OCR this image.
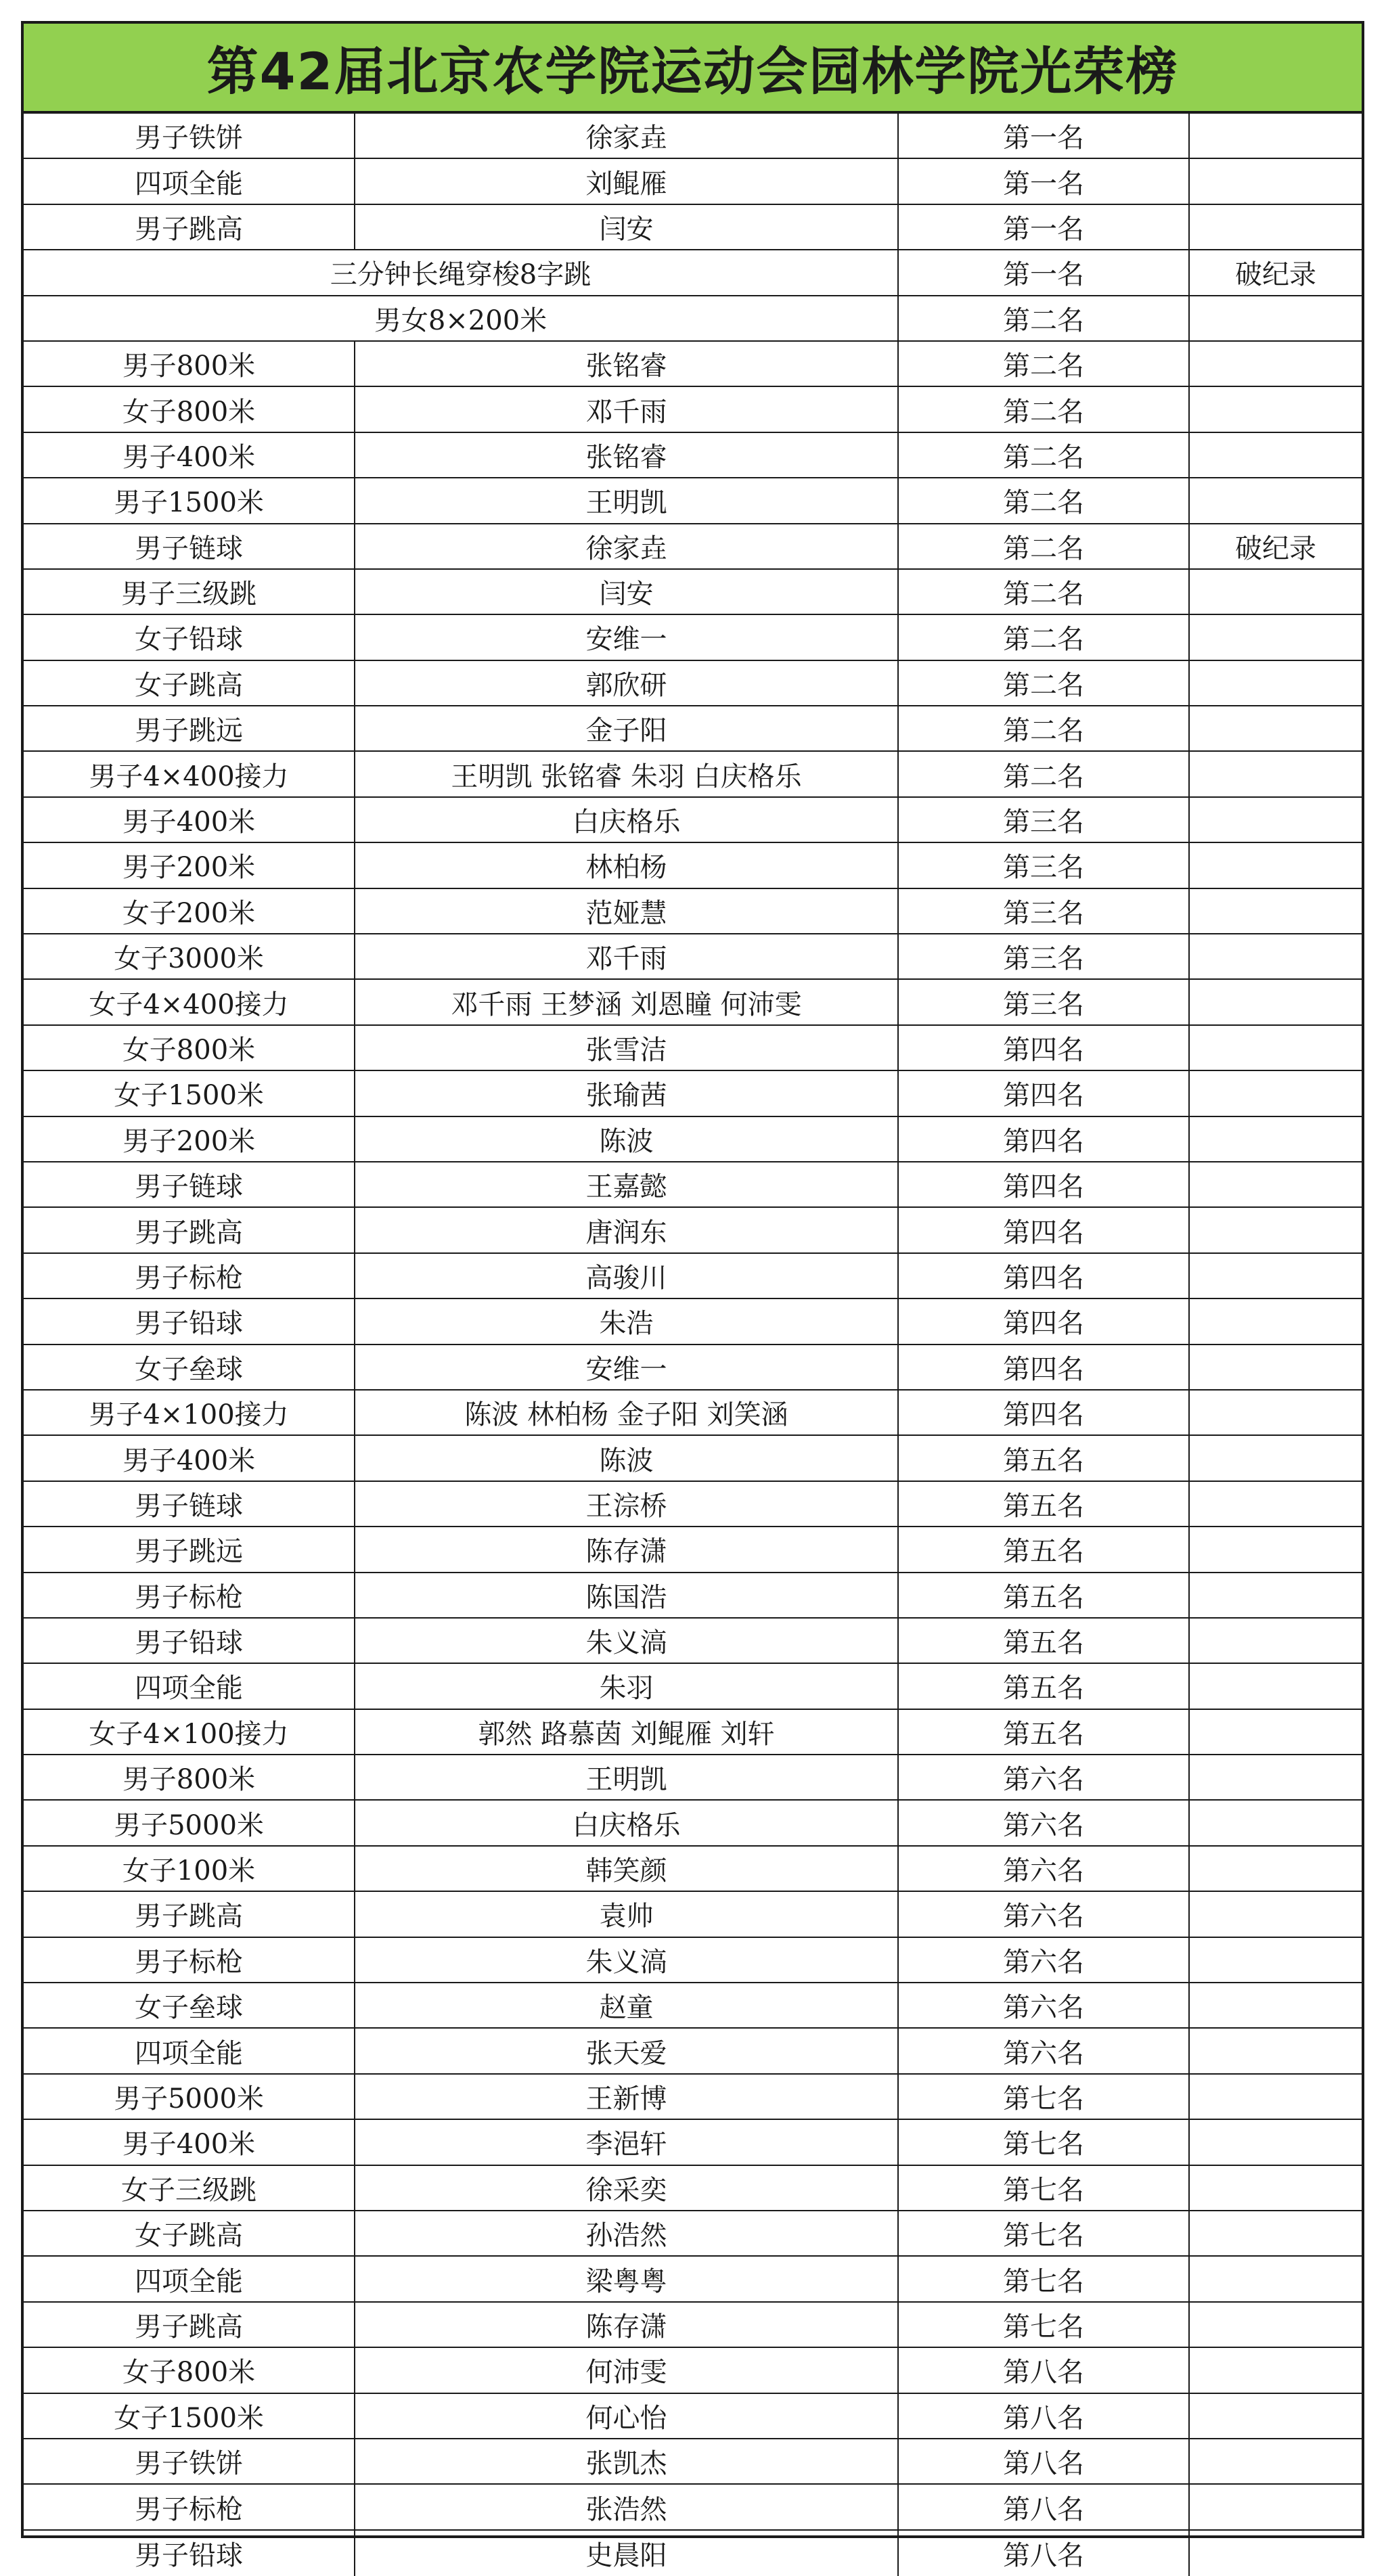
第42届北京农学院运动会园林学院光荣榜
男子铁饼	徐家垚	第一名
四项全能	刘鲲雁	第一名
男子跳高	闫安	第一名
三分钟长绳穿梭8字跳	第一名	破纪录
男女8×200米	第二名
男子800米	张铭睿	第二名
女子800米	邓千雨	第二名
男子400米	张铭睿	第二名
男子1500米	王明凯	第二名
男子链球	徐家垚	第二名	破纪录
男子三级跳	闫安	第二名
女子铅球	安维一	第二名
女子跳高	郭欣研	第二名
男子跳远	金子阳	第二名
男子4×400接力	王明凯 张铭睿 朱羽 白庆格乐	第二名
男子400米	白庆格乐	第三名
男子200米	林柏杨	第三名
女子200米	范娅慧	第三名
女子3000米	邓千雨	第三名
女子4×400接力	邓千雨 王梦涵 刘恩瞳 何沛雯	第三名
女子800米	张雪洁	第四名
女子1500米	张瑜茜	第四名
男子200米	陈波	第四名
男子链球	王嘉懿	第四名
男子跳高	唐润东	第四名
男子标枪	高骏川	第四名
男子铅球	朱浩	第四名
女子垒球	安维一	第四名
男子4×100接力	陈波 林柏杨 金子阳 刘笑涵	第四名
男子400米	陈波	第五名
男子链球	王淙桥	第五名
男子跳远	陈存潇	第五名
男子标枪	陈国浩	第五名
男子铅球	朱义滈	第五名
四项全能	朱羽	第五名
女子4×100接力	郭然 路慕茵 刘鲲雁 刘轩	第五名
男子800米	王明凯	第六名
男子5000米	白庆格乐	第六名
女子100米	韩笑颜	第六名
男子跳高	袁帅	第六名
男子标枪	朱义滈	第六名
女子垒球	赵童	第六名
四项全能	张天爱	第六名
男子5000米	王新博	第七名
男子400米	李浥轩	第七名
女子三级跳	徐采奕	第七名
女子跳高	孙浩然	第七名
四项全能	梁粤粤	第七名
男子跳高	陈存潇	第七名
女子800米	何沛雯	第八名
女子1500米	何心怡	第八名
男子铁饼	张凯杰	第八名
男子标枪	张浩然	第八名
男子铅球	史晨阳	第八名
